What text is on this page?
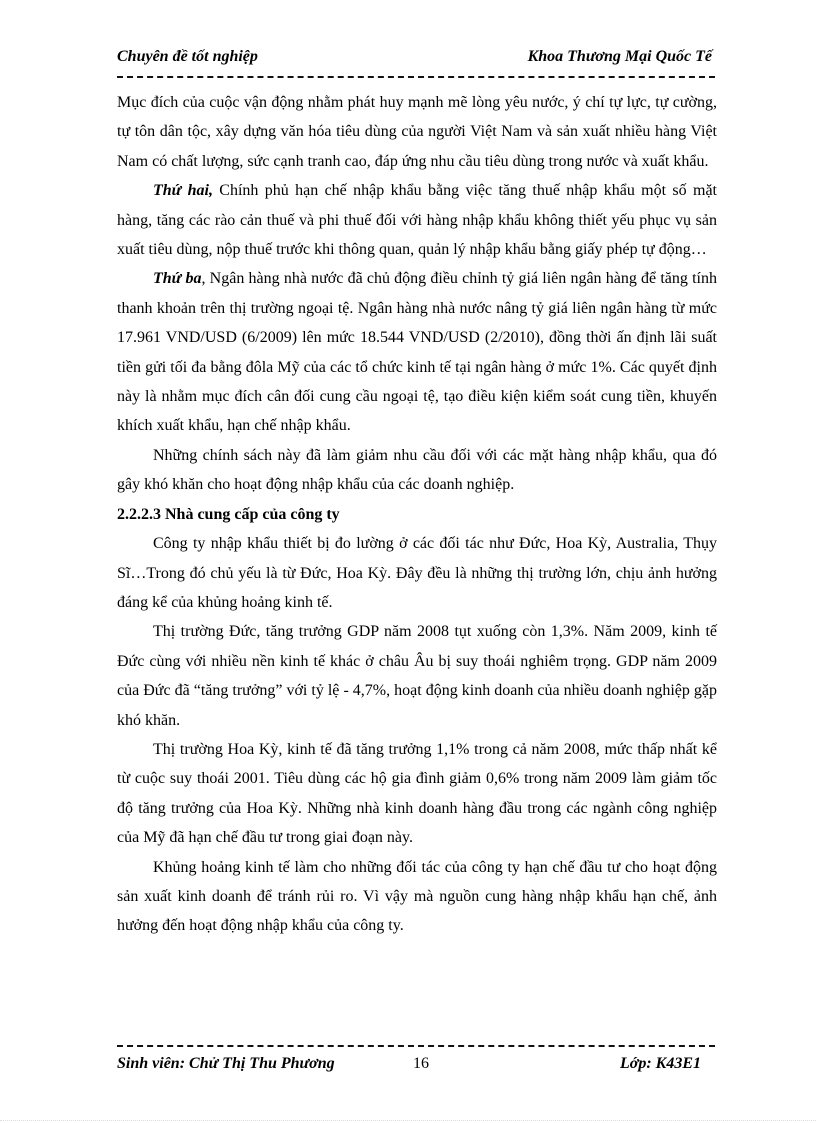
Chuyên đề tốt nghiệp	Khoa Thương Mại Quốc Tế

Mục đích của cuộc vận động nhằm phát huy mạnh mẽ lòng yêu nước, ý chí tự lực, tự cường, tự tôn dân tộc, xây dựng văn hóa tiêu dùng của người Việt Nam và sản xuất nhiều hàng Việt Nam có chất lượng, sức cạnh tranh cao, đáp ứng nhu cầu tiêu dùng trong nước và xuất khẩu.

Thứ hai, Chính phủ hạn chế nhập khẩu bằng việc tăng thuế nhập khẩu một số mặt hàng, tăng các rào cản thuế và phi thuế đối với hàng nhập khẩu không thiết yếu phục vụ sản xuất tiêu dùng, nộp thuế trước khi thông quan, quản lý nhập khẩu bằng giấy phép tự động…

Thứ ba, Ngân hàng nhà nước đã chủ động điều chỉnh tỷ giá liên ngân hàng để tăng tính thanh khoản trên thị trường ngoại tệ. Ngân hàng nhà nước nâng tỷ giá liên ngân hàng từ mức 17.961 VND/USD (6/2009) lên mức 18.544 VND/USD (2/2010), đồng thời ấn định lãi suất tiền gửi tối đa bằng đôla Mỹ của các tổ chức kinh tế tại ngân hàng ở mức 1%. Các quyết định này là nhằm mục đích cân đối cung cầu ngoại tệ, tạo điều kiện kiểm soát cung tiền, khuyến khích xuất khẩu, hạn chế nhập khẩu.

Những chính sách này đã làm giảm nhu cầu đối với các mặt hàng nhập khẩu, qua đó gây khó khăn cho hoạt động nhập khẩu của các doanh nghiệp.

2.2.2.3 Nhà cung cấp của công ty

Công ty nhập khẩu thiết bị đo lường ở các đối tác như Đức, Hoa Kỳ, Australia, Thụy Sĩ…Trong đó chủ yếu là từ Đức, Hoa Kỳ. Đây đều là những thị trường lớn, chịu ảnh hưởng đáng kể của khủng hoảng kinh tế.

Thị trường Đức, tăng trưởng GDP năm 2008 tụt xuống còn 1,3%. Năm 2009, kinh tế Đức cùng với nhiều nền kinh tế khác ở châu Âu bị suy thoái nghiêm trọng. GDP năm 2009 của Đức đã “tăng trưởng” với tỷ lệ - 4,7%, hoạt động kinh doanh của nhiều doanh nghiệp gặp khó khăn.

Thị trường Hoa Kỳ, kinh tế đã tăng trưởng 1,1% trong cả năm 2008, mức thấp nhất kể từ cuộc suy thoái 2001. Tiêu dùng các hộ gia đình giảm 0,6% trong năm 2009 làm giảm tốc độ tăng trưởng của Hoa Kỳ. Những nhà kinh doanh hàng đầu trong các ngành công nghiệp của Mỹ đã hạn chế đầu tư trong giai đoạn này.

Khủng hoảng kinh tế làm cho những đối tác của công ty hạn chế đầu tư cho hoạt động sản xuất kinh doanh để tránh rủi ro. Vì vậy mà nguồn cung hàng nhập khẩu hạn chế, ảnh hưởng đến hoạt động nhập khẩu của công ty.

Sinh viên: Chử Thị Thu Phương	16	Lớp: K43E1
